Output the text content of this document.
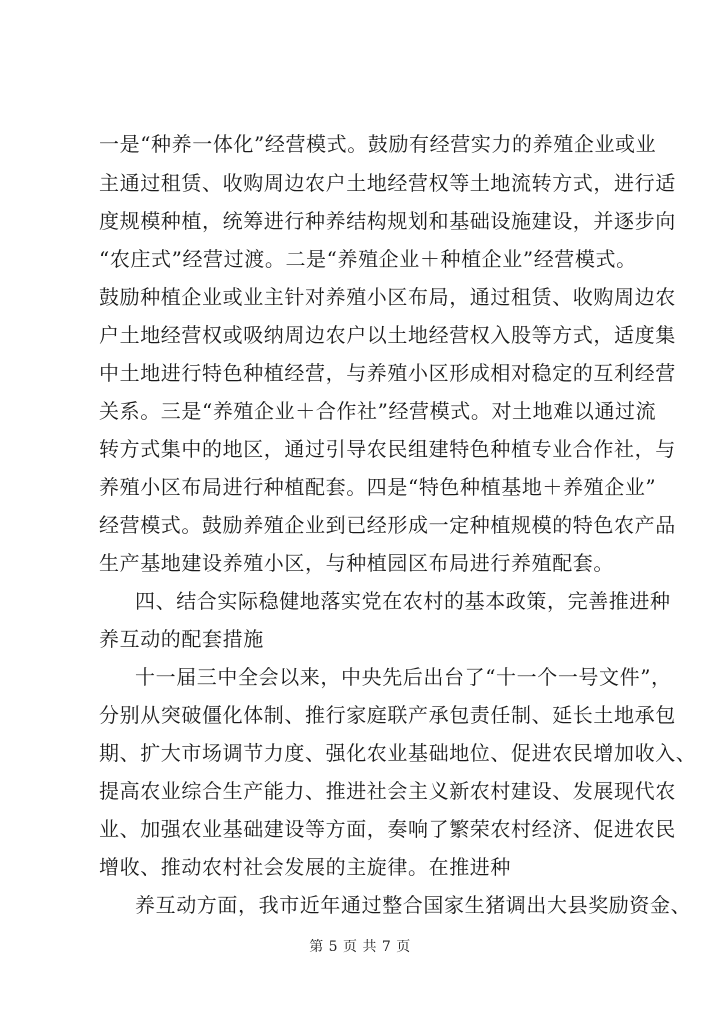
一是“种养一体化”经营模式。鼓励有经营实力的养殖企业或业
主通过租赁、收购周边农户土地经营权等土地流转方式，进行适
度规模种植，统筹进行种养结构规划和基础设施建设，并逐步向
“农庄式”经营过渡。二是“养殖企业＋种植企业”经营模式。
鼓励种植企业或业主针对养殖小区布局，通过租赁、收购周边农
户土地经营权或吸纳周边农户以土地经营权入股等方式，适度集
中土地进行特色种植经营，与养殖小区形成相对稳定的互利经营
关系。三是“养殖企业＋合作社”经营模式。对土地难以通过流
转方式集中的地区，通过引导农民组建特色种植专业合作社，与
养殖小区布局进行种植配套。四是“特色种植基地＋养殖企业”
经营模式。鼓励养殖企业到已经形成一定种植规模的特色农产品
生产基地建设养殖小区，与种植园区布局进行养殖配套。
四、结合实际稳健地落实党在农村的基本政策，完善推进种
养互动的配套措施
十一届三中全会以来，中央先后出台了“十一个一号文件”，
分别从突破僵化体制、推行家庭联产承包责任制、延长土地承包
期、扩大市场调节力度、强化农业基础地位、促进农民增加收入、
提高农业综合生产能力、推进社会主义新农村建设、发展现代农
业、加强农业基础建设等方面，奏响了繁荣农村经济、促进农民
增收、推动农村社会发展的主旋律。在推进种
养互动方面，我市近年通过整合国家生猪调出大县奖励资金、
第 5 页 共 7 页
